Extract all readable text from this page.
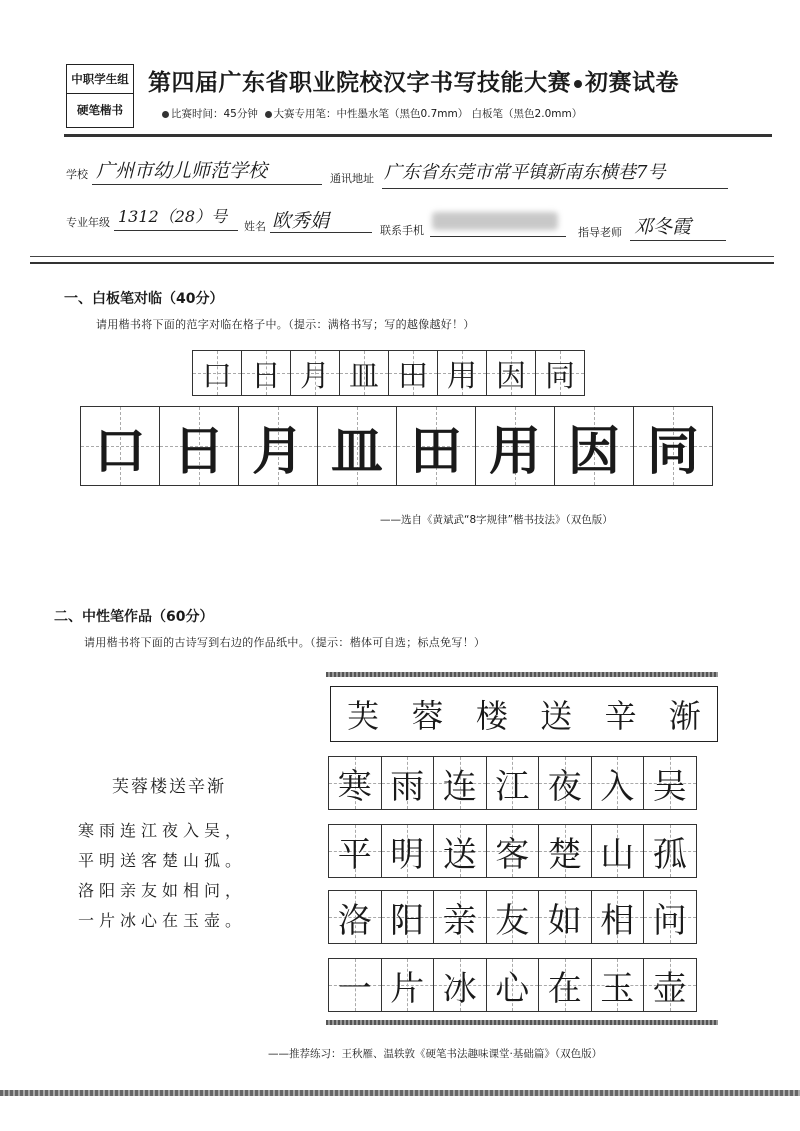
中职学生组
硬笔楷书
第四届广东省职业院校汉字书写技能大赛 初赛试卷
比赛时间：45分钟 大赛专用笔：中性墨水笔（黑色0.7mm） 白板笔（黑色2.0mm）
学校 广州市幼儿师范学校	通讯地址 广东省东莞市常平镇新南东横巷7号
专业年级 1312（28）号
姓名 欧秀娟	联系手机	指导老师 邓冬霞
一、白板笔对临（40分）
请用楷书将下面的范字对临在格子中。（提示：满格书写；写的越像越好！）
口 日 月 皿 田 用 因 同
口 日 月 皿 田 用 因 同
——选自《黄斌武“8字规律”楷书技法》（双色版）
二、中性笔作品（60分）
请用楷书将下面的古诗写到右边的作品纸中。（提示：楷体可自选；标点免写！）
芙蓉楼送辛渐
寒雨连江夜入吴，
平明送客楚山孤。
洛阳亲友如相问，
一片冰心在玉壶。
芙 蓉 楼 送 辛 渐
寒 雨 连 江 夜 入 吴
平 明 送 客 楚 山 孤
洛 阳 亲 友 如 相 问
一 片 冰 心 在 玉 壶
——推荐练习：王秋雁、温轶敦《硬笔书法趣味课堂·基础篇》（双色版）
